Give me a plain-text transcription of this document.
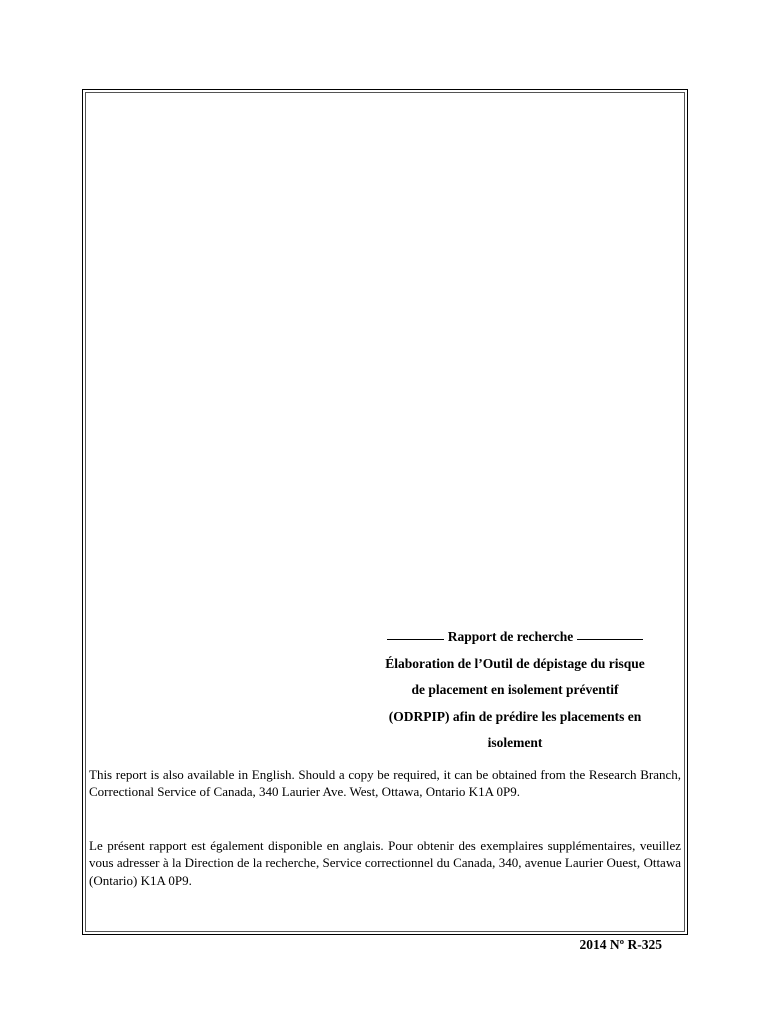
Rapport de recherche
Élaboration de l’Outil de dépistage du risque
de placement en isolement préventif
(ODRPIP) afin de prédire les placements en
isolement

This report is also available in English. Should a copy be required, it can be obtained from the Research Branch, Correctional Service of Canada, 340 Laurier Ave. West, Ottawa, Ontario K1A 0P9.

Le présent rapport est également disponible en anglais. Pour obtenir des exemplaires supplémentaires, veuillez vous adresser à la Direction de la recherche, Service correctionnel du Canada, 340, avenue Laurier Ouest, Ottawa (Ontario) K1A 0P9.

2014 Nº R-325
